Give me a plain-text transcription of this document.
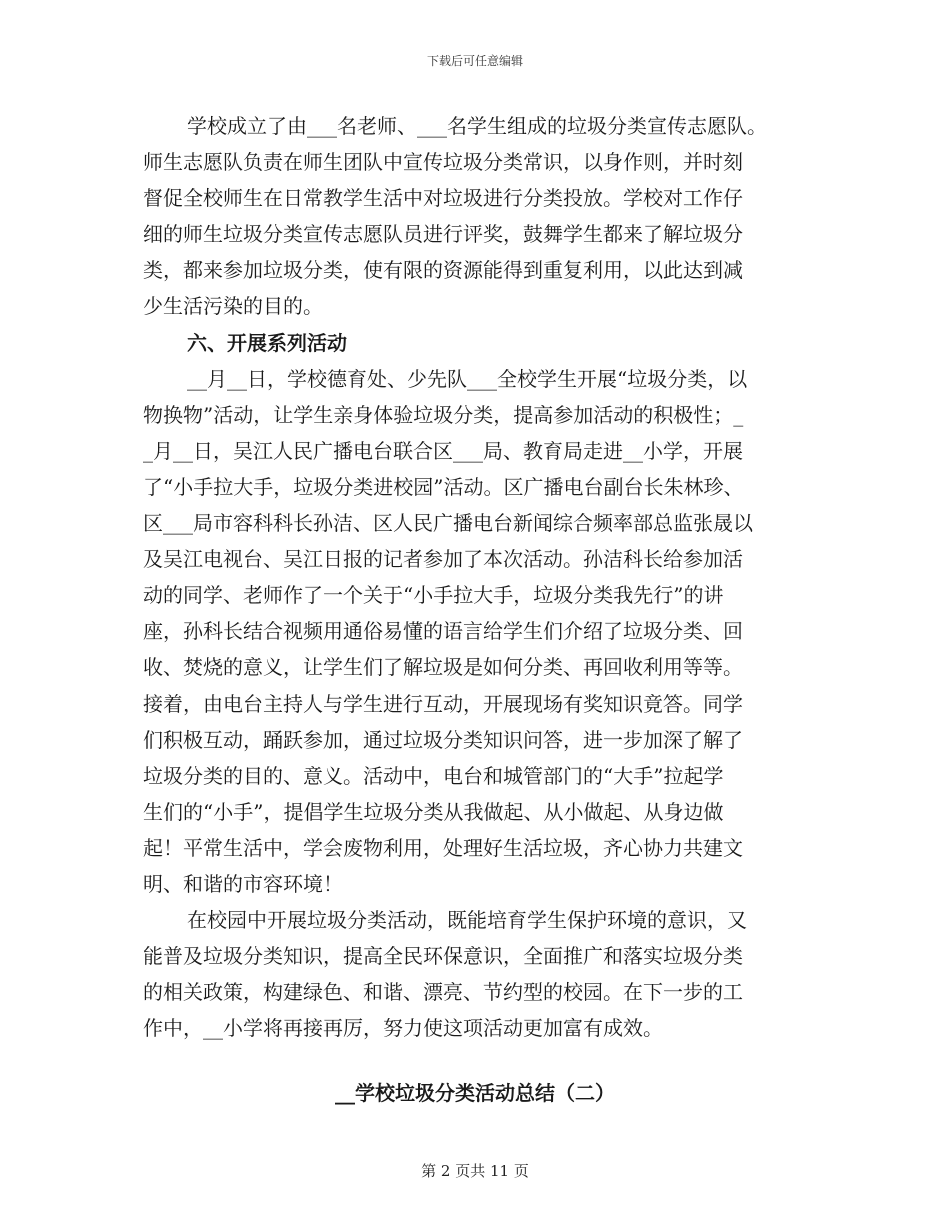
下载后可任意编辑
学校成立了由___名老师、___名学生组成的垃圾分类宣传志愿队。
师生志愿队负责在师生团队中宣传垃圾分类常识，以身作则，并时刻
督促全校师生在日常教学生活中对垃圾进行分类投放。学校对工作仔
细的师生垃圾分类宣传志愿队员进行评奖，鼓舞学生都来了解垃圾分
类，都来参加垃圾分类，使有限的资源能得到重复利用，以此达到减
少生活污染的目的。
六、开展系列活动
__月__日，学校德育处、少先队___全校学生开展“垃圾分类，以
物换物”活动，让学生亲身体验垃圾分类，提高参加活动的积极性；_
_月__日，吴江人民广播电台联合区___局、教育局走进__小学，开展
了“小手拉大手，垃圾分类进校园”活动。区广播电台副台长朱林珍、
区___局市容科科长孙洁、区人民广播电台新闻综合频率部总监张晟以
及吴江电视台、吴江日报的记者参加了本次活动。孙洁科长给参加活
动的同学、老师作了一个关于“小手拉大手，垃圾分类我先行”的讲
座，孙科长结合视频用通俗易懂的语言给学生们介绍了垃圾分类、回
收、焚烧的意义，让学生们了解垃圾是如何分类、再回收利用等等。
接着，由电台主持人与学生进行互动，开展现场有奖知识竟答。同学
们积极互动，踊跃参加，通过垃圾分类知识问答，进一步加深了解了
垃圾分类的目的、意义。活动中，电台和城管部门的“大手”拉起学
生们的“小手”，提倡学生垃圾分类从我做起、从小做起、从身边做
起！平常生活中，学会废物利用，处理好生活垃圾，齐心协力共建文
明、和谐的市容环境！
在校园中开展垃圾分类活动，既能培育学生保护环境的意识，又
能普及垃圾分类知识，提高全民环保意识，全面推广和落实垃圾分类
的相关政策，构建绿色、和谐、漂亮、节约型的校园。在下一步的工
作中，__小学将再接再厉，努力使这项活动更加富有成效。
__学校垃圾分类活动总结（二）
第 2 页共 11 页
